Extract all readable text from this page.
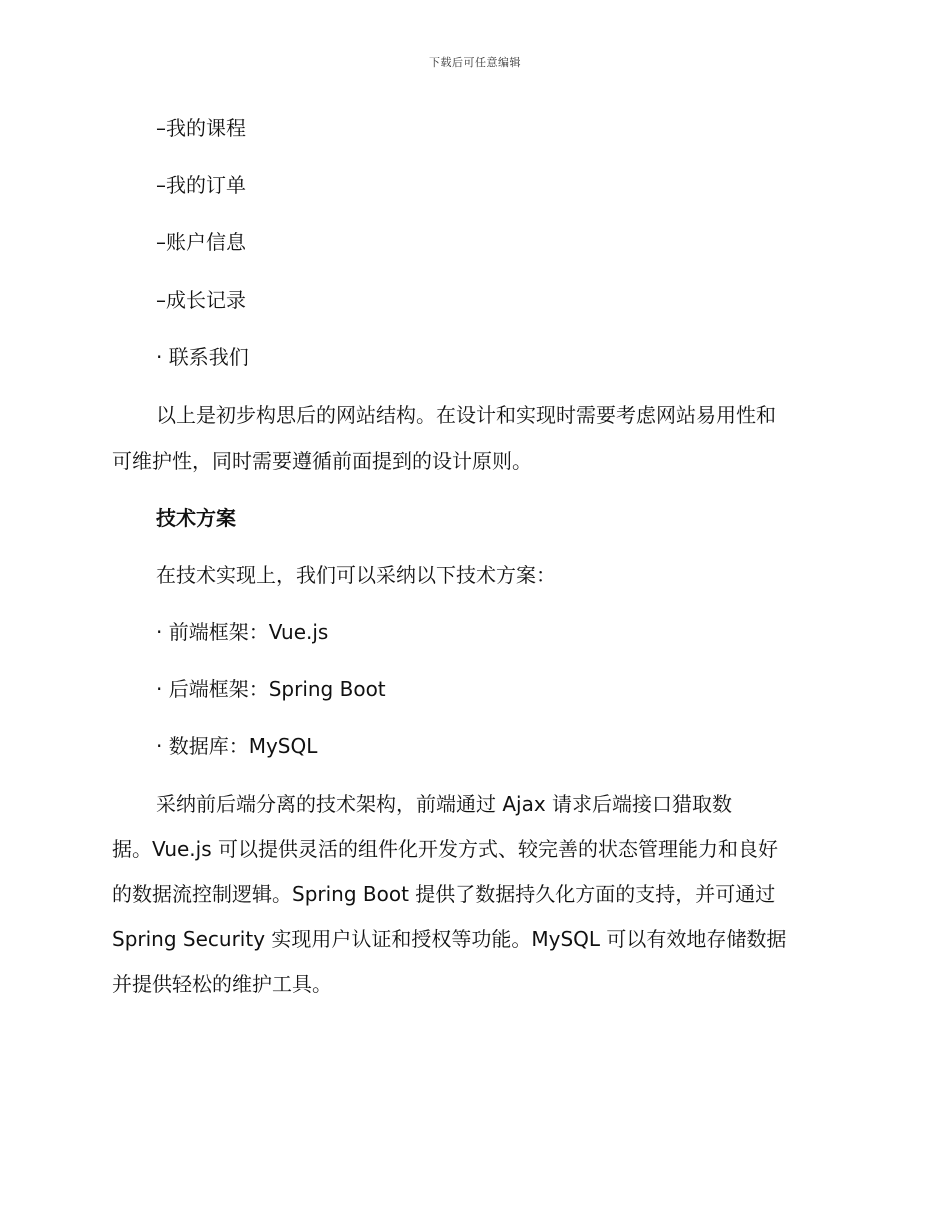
下载后可任意编辑
–我的课程
–我的订单
–账户信息
–成长记录
· 联系我们
以上是初步构思后的网站结构。在设计和实现时需要考虑网站易用性和
可维护性，同时需要遵循前面提到的设计原则。
技术方案
在技术实现上，我们可以采纳以下技术方案：
· 前端框架：Vue.js
· 后端框架：Spring Boot
· 数据库：MySQL
采纳前后端分离的技术架构，前端通过 Ajax 请求后端接口猎取数
据。Vue.js 可以提供灵活的组件化开发方式、较完善的状态管理能力和良好
的数据流控制逻辑。Spring Boot 提供了数据持久化方面的支持，并可通过
Spring Security 实现用户认证和授权等功能。MySQL 可以有效地存储数据
并提供轻松的维护工具。
